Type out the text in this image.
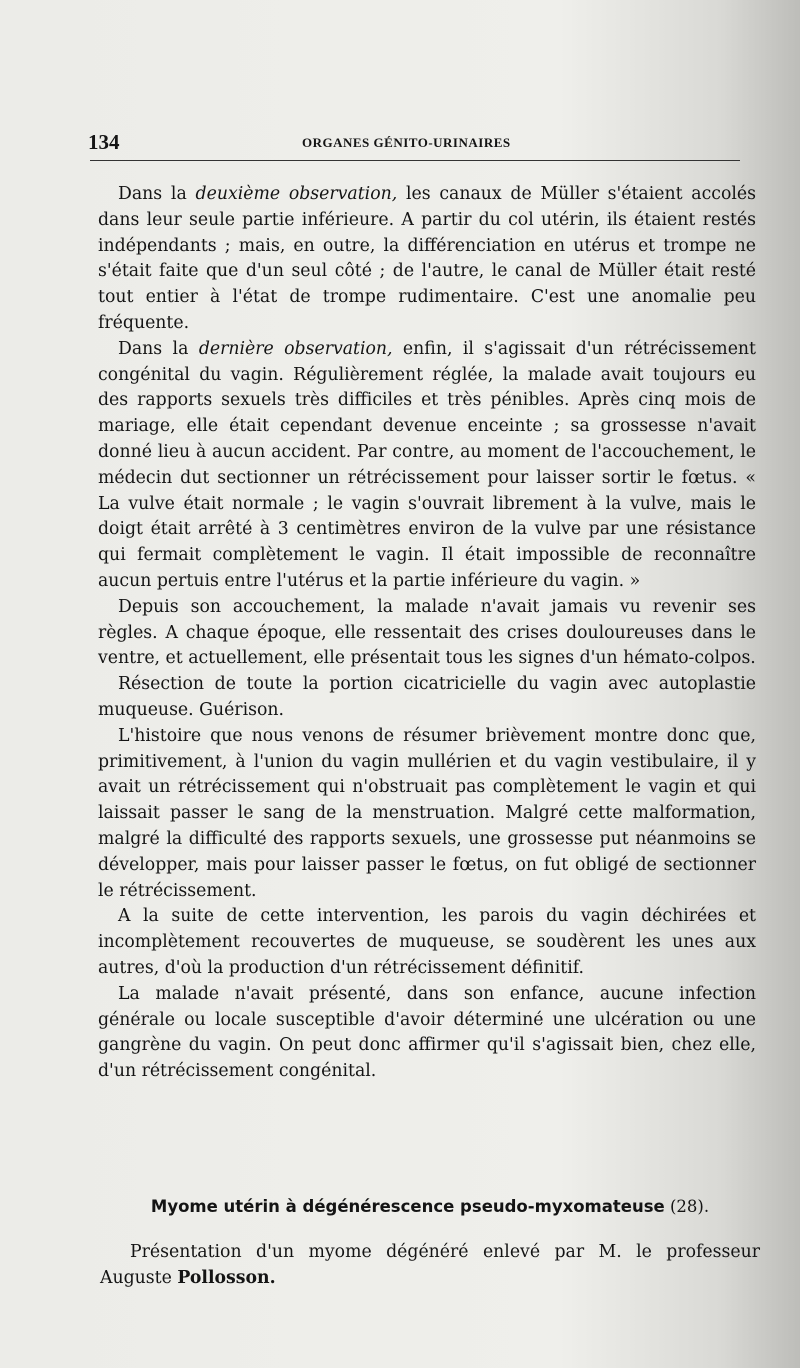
134	ORGANES GÉNITO-URINAIRES

Dans la deuxième observation, les canaux de Müller s'étaient accolés dans leur seule partie inférieure. A partir du col utérin, ils étaient restés indépendants ; mais, en outre, la différenciation en utérus et trompe ne s'était faite que d'un seul côté ; de l'autre, le canal de Müller était resté tout entier à l'état de trompe rudimentaire. C'est une anomalie peu fréquente.

Dans la dernière observation, enfin, il s'agissait d'un rétrécissement congénital du vagin. Régulièrement réglée, la malade avait toujours eu des rapports sexuels très difficiles et très pénibles. Après cinq mois de mariage, elle était cependant devenue enceinte ; sa grossesse n'avait donné lieu à aucun accident. Par contre, au moment de l'accouchement, le médecin dut sectionner un rétrécissement pour laisser sortir le fœtus. « La vulve était normale ; le vagin s'ouvrait librement à la vulve, mais le doigt était arrêté à 3 centimètres environ de la vulve par une résistance qui fermait complètement le vagin. Il était impossible de reconnaître aucun pertuis entre l'utérus et la partie inférieure du vagin. »

Depuis son accouchement, la malade n'avait jamais vu revenir ses règles. A chaque époque, elle ressentait des crises douloureuses dans le ventre, et actuellement, elle présentait tous les signes d'un hémato-colpos.

Résection de toute la portion cicatricielle du vagin avec autoplastie muqueuse. Guérison.

L'histoire que nous venons de résumer brièvement montre donc que, primitivement, à l'union du vagin mullérien et du vagin vestibulaire, il y avait un rétrécissement qui n'obstruait pas complètement le vagin et qui laissait passer le sang de la menstruation. Malgré cette malformation, malgré la difficulté des rapports sexuels, une grossesse put néanmoins se développer, mais pour laisser passer le fœtus, on fut obligé de sectionner le rétrécissement.

A la suite de cette intervention, les parois du vagin déchirées et incomplètement recouvertes de muqueuse, se soudèrent les unes aux autres, d'où la production d'un rétrécissement définitif.

La malade n'avait présenté, dans son enfance, aucune infection générale ou locale susceptible d'avoir déterminé une ulcération ou une gangrène du vagin. On peut donc affirmer qu'il s'agissait bien, chez elle, d'un rétrécissement congénital.

Myome utérin à dégénérescence pseudo-myxomateuse (28).

Présentation d'un myome dégénéré enlevé par M. le professeur Auguste Pollosson.
